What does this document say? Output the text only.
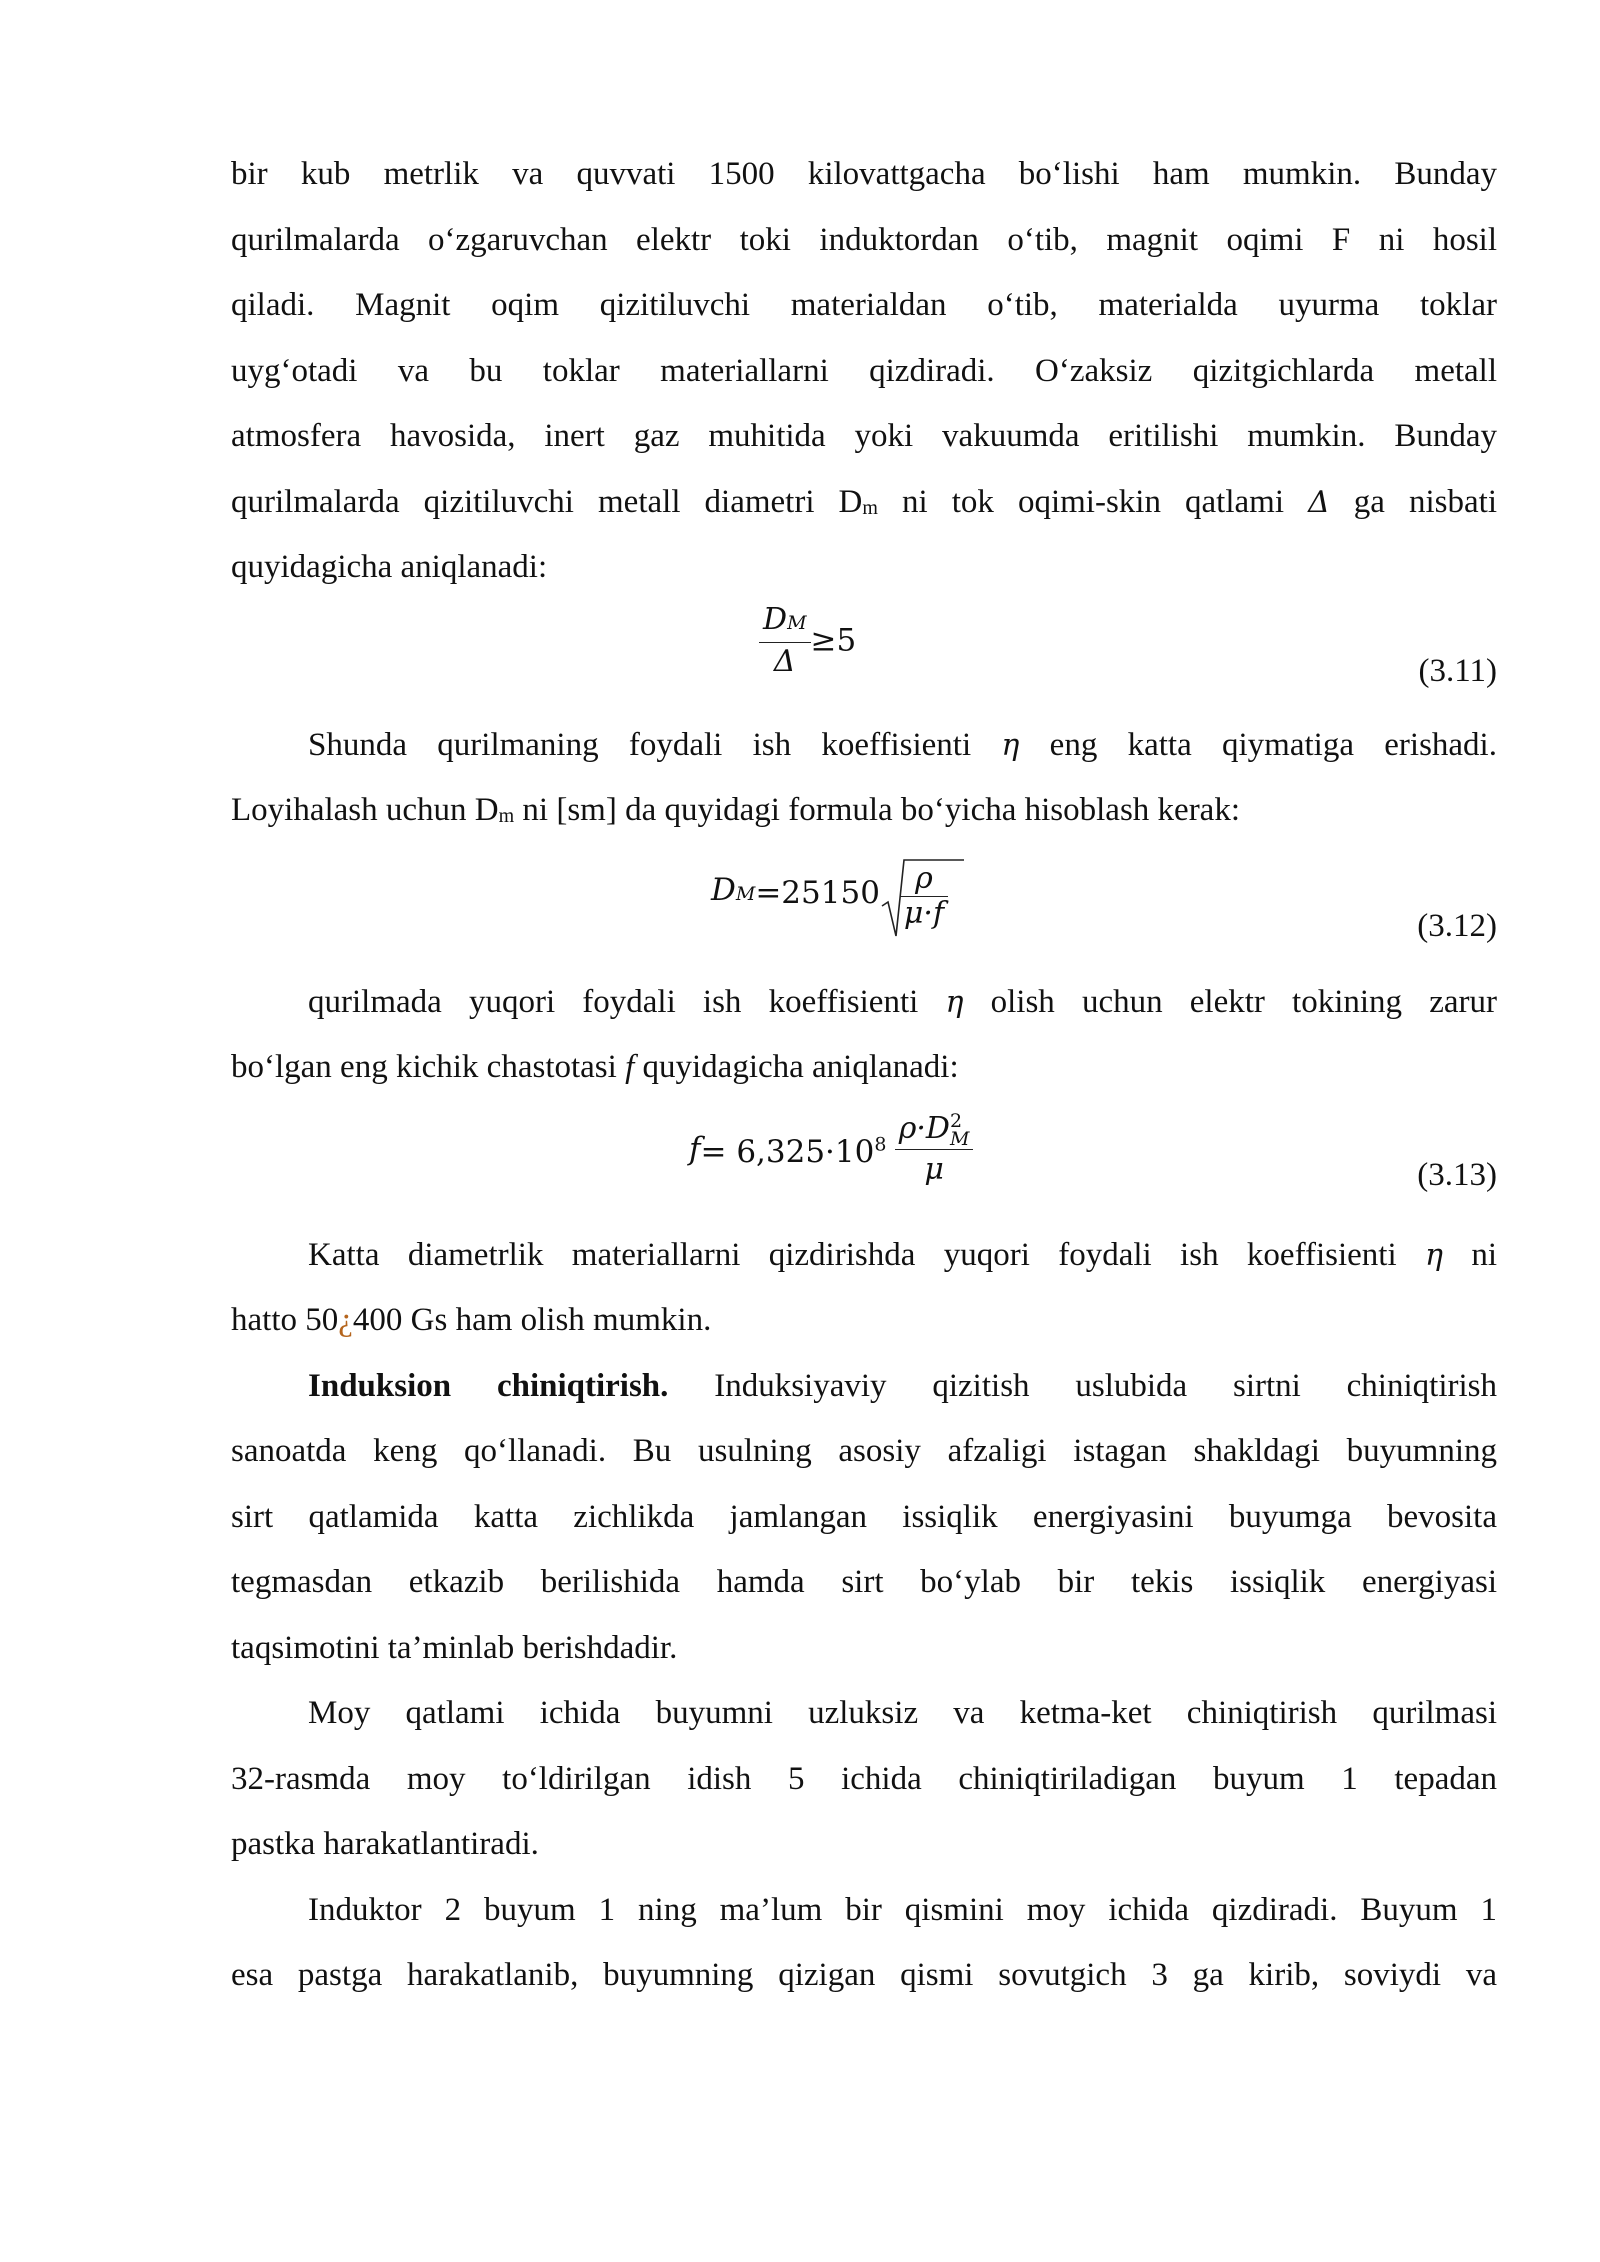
bir kub metrlik va quvvati 1500 kilovattgacha bo‘lishi ham mumkin. Bunday
qurilmalarda o‘zgaruvchan elektr toki induktordan o‘tib, magnit oqimi F ni hosil
qiladi. Magnit oqim qizitiluvchi materialdan o‘tib, materialda uyurma toklar
uyg‘otadi va bu toklar materiallarni qizdiradi. O‘zaksiz qizitgichlarda metall
atmosfera havosida, inert gaz muhitida yoki vakuumda eritilishi mumkin. Bunday
qurilmalarda qizitiluvchi metall diametri Dm ni tok oqimi-skin qatlami Δ ga nisbati
quyidagicha aniqlanadi:
$\frac{DM}{\Delta} \ge 5$
(3.11)
Shunda qurilmaning foydali ish koeffisienti η eng katta qiymatiga erishadi.
Loyihalash uchun Dm ni [sm] da quyidagi formula bo‘yicha hisoblash kerak:
$DM=25150 \frac{\rho}{\mu\cdot f}$	(3.12)
qurilmada yuqori foydali ish koeffisienti η olish uchun elektr tokining zarur
bo‘lgan eng kichik chastotasi f quyidagicha aniqlanadi:
$f= 6,325\cdot 10^8$ ρ·D 2
M
μ	(3.13)
Katta diametrlik materiallarni qizdirishda yuqori foydali ish koeffisienti η ni
hatto 50¿400 Gs ham olish mumkin.
Induksion chiniqtirish. Induksiyaviy qizitish uslubida sirtni chiniqtirish
sanoatda keng qo‘llanadi. Bu usulning asosiy afzaligi istagan shakldagi buyumning
sirt qatlamida katta zichlikda jamlangan issiqlik energiyasini buyumga bevosita
tegmasdan etkazib berilishida hamda sirt bo‘ylab bir tekis issiqlik energiyasi
taqsimotini ta’minlab berishdadir.
Moy qatlami ichida buyumni uzluksiz va ketma-ket chiniqtirish qurilmasi
32-rasmda moy to‘ldirilgan idish 5 ichida chiniqtiriladigan buyum 1 tepadan
pastka harakatlantiradi.
Induktor 2 buyum 1 ning ma’lum bir qismini moy ichida qizdiradi. Buyum 1
esa pastga harakatlanib, buyumning qizigan qismi sovutgich 3 ga kirib, soviydi va
